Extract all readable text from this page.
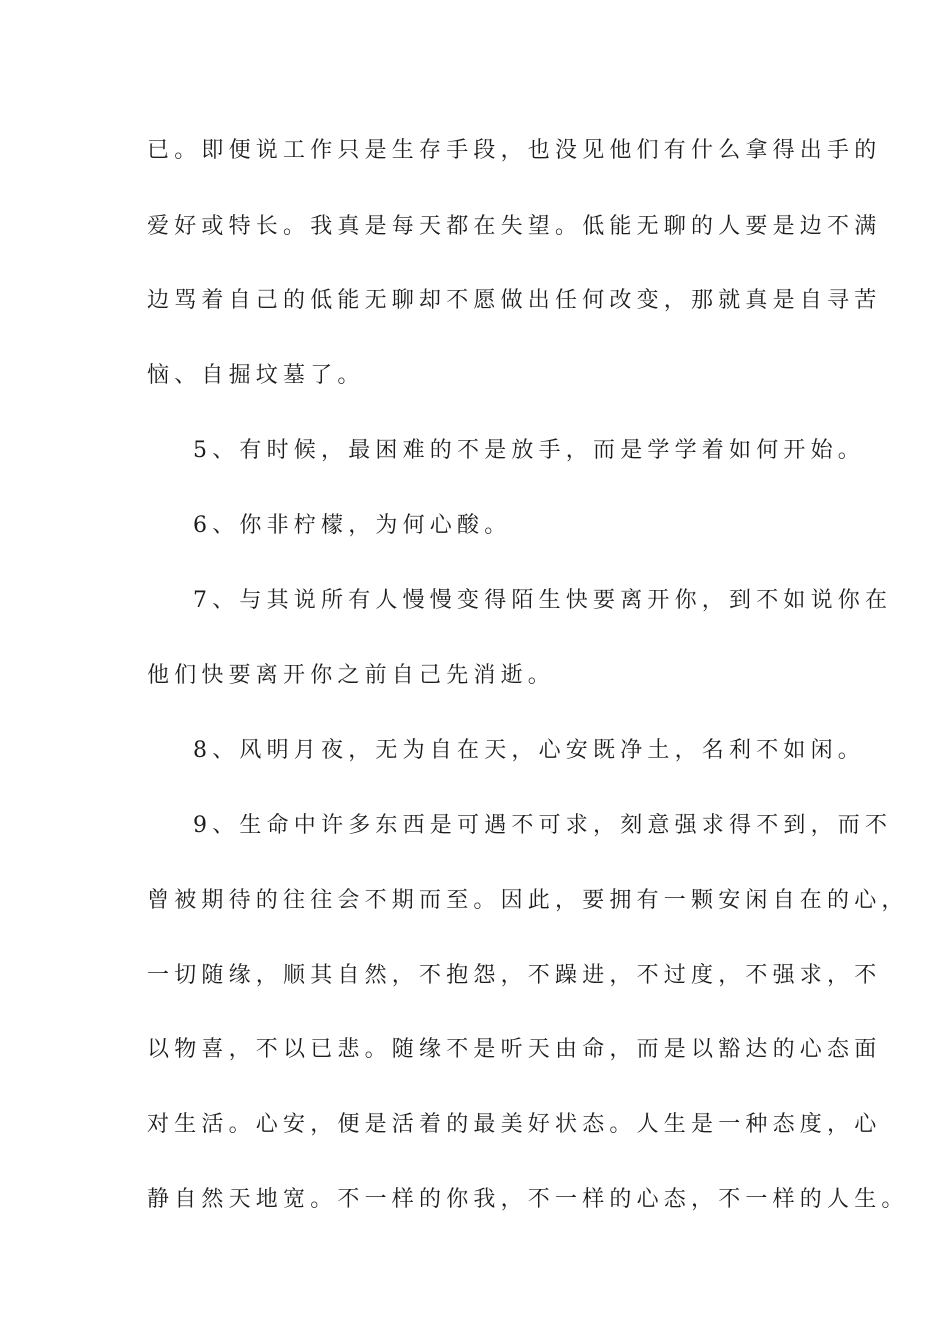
已。即便说工作只是生存手段，也没见他们有什么拿得出手的
爱好或特长。我真是每天都在失望。低能无聊的人要是边不满
边骂着自己的低能无聊却不愿做出任何改变，那就真是自寻苦
恼、自掘坟墓了。
5、有时候，最困难的不是放手，而是学学着如何开始。
6、你非柠檬，为何心酸。
7、与其说所有人慢慢变得陌生快要离开你，到不如说你在
他们快要离开你之前自己先消逝。
8、风明月夜，无为自在天，心安既净土，名利不如闲。
9、生命中许多东西是可遇不可求，刻意强求得不到，而不
曾被期待的往往会不期而至。因此，要拥有一颗安闲自在的心，
一切随缘，顺其自然，不抱怨，不躁进，不过度，不强求，不
以物喜，不以已悲。随缘不是听天由命，而是以豁达的心态面
对生活。心安，便是活着的最美好状态。人生是一种态度，心
静自然天地宽。不一样的你我，不一样的心态，不一样的人生。
